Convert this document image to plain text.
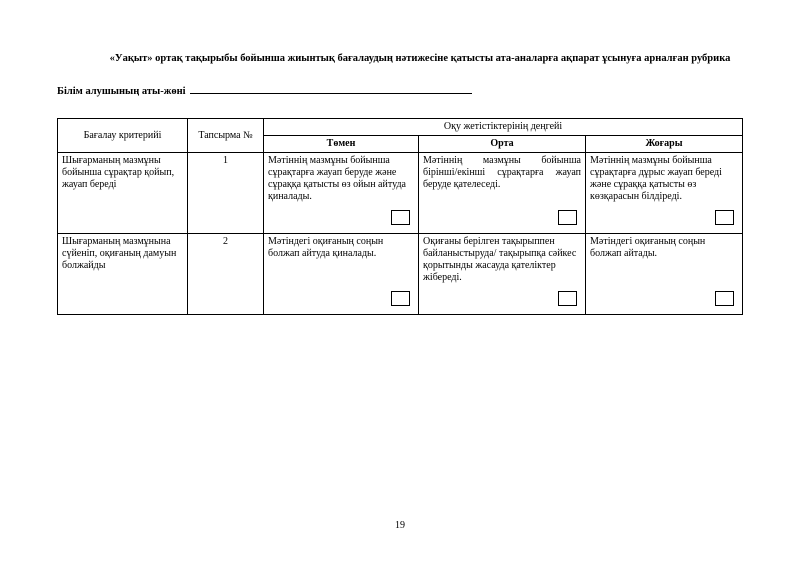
«Уақыт» ортақ тақырыбы бойынша жиынтық бағалаудың нәтижесіне қатысты ата-аналарға ақпарат ұсынуға арналған рубрика
Білім алушының аты-жөні
Бағалау критерийі	Тапсырма №	Оқу жетістіктерінің деңгейі		
		Төмен	Орта	Жоғары
Шығарманың мазмұны бойынша сұрақтар қойып, жауап береді	1	Мәтіннің мазмұны бойынша сұрақтарға жауап беруде және сұраққа қатысты өз ойын айтуда қиналады.	Мәтіннің мазмұны бойынша бірінші/екінші сұрақтарға жауап беруде қателеседі.	Мәтіннің мазмұны бойынша сұрақтарға дұрыс жауап береді және сұраққа қатысты өз көзқарасын білдіреді.

Шығарманың мазмұнына сүйеніп, оқиғаның дамуын болжайды	2	Мәтіндегі оқиғаның соңын болжап айтуда қиналады.	Оқиғаны берілген тақырыппен байланыстыруда/ тақырыпқа сәйкес қорытынды жасауда қателіктер жібереді.	Мәтіндегі оқиғаның соңын болжап айтады.
19
